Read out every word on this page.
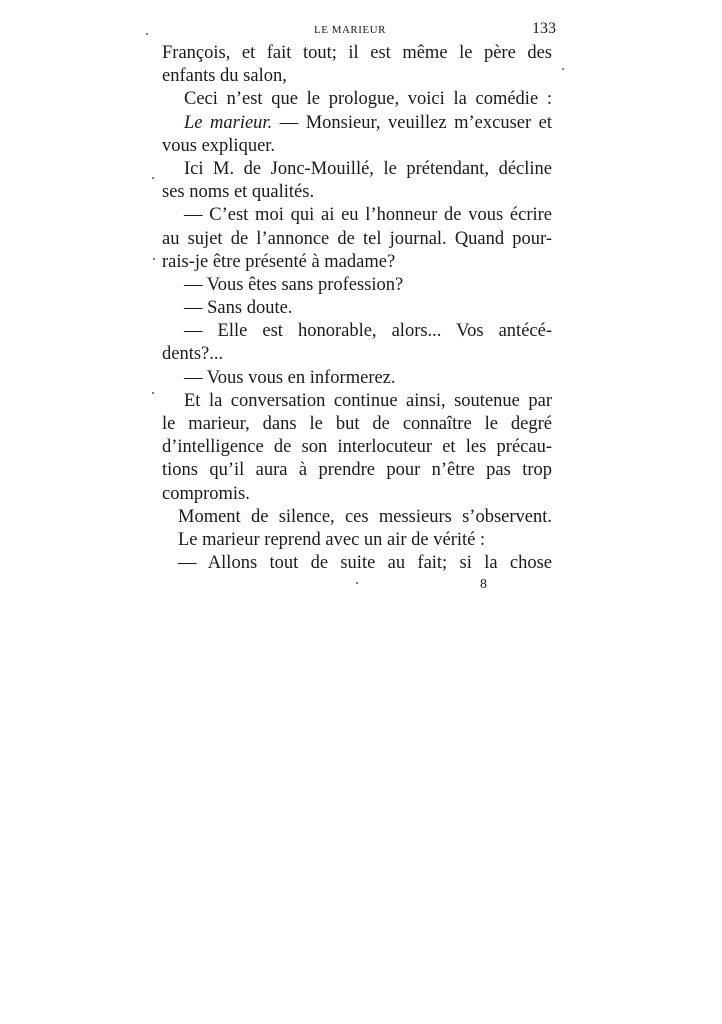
LE MARIEUR	133
François, et fait tout; il est même le père des
enfants du salon,
Ceci n’est que le prologue, voici la comédie :
Le marieur. — Monsieur, veuillez m’excuser et
vous expliquer.
Ici M. de Jonc-Mouillé, le prétendant, décline
ses noms et qualités.
— C’est moi qui ai eu l’honneur de vous écrire
au sujet de l’annonce de tel journal. Quand pour-
rais-je être présenté à madame?
— Vous êtes sans profession?
— Sans doute.
— Elle est honorable, alors... Vos antécé-
dents?...
— Vous vous en informerez.
Et la conversation continue ainsi, soutenue par
le marieur, dans le but de connaître le degré
d’intelligence de son interlocuteur et les précau-
tions qu’il aura à prendre pour n’être pas trop
compromis.
Moment de silence, ces messieurs s’observent.
Le marieur reprend avec un air de vérité :
— Allons tout de suite au fait; si la chose
8
